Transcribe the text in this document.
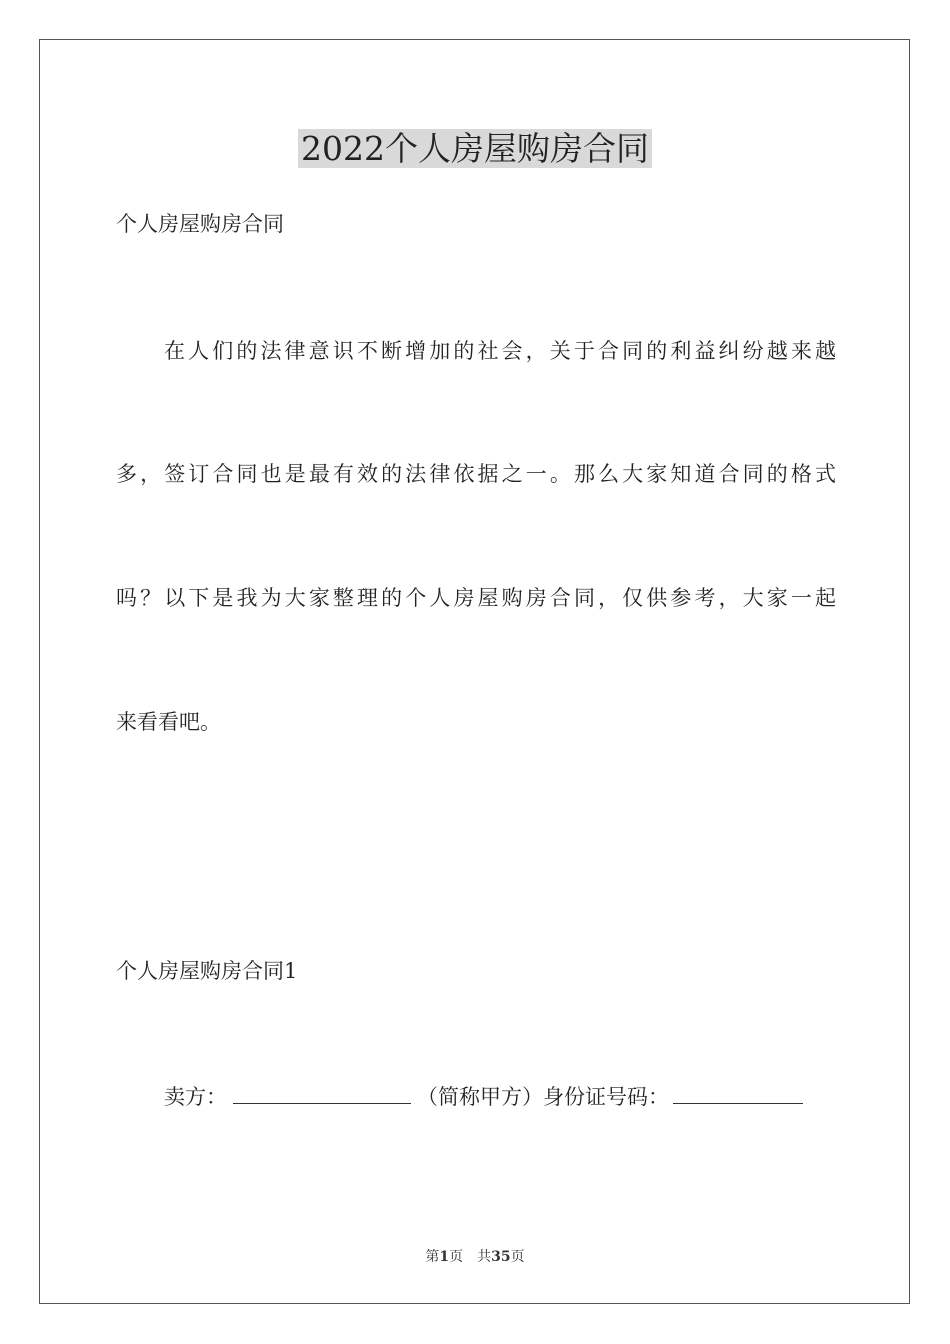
2022个人房屋购房合同

个人房屋购房合同

在人们的法律意识不断增加的社会，关于合同的利益纠纷越来越

多，签订合同也是最有效的法律依据之一。那么大家知道合同的格式

吗？以下是我为大家整理的个人房屋购房合同，仅供参考，大家一起

来看看吧。

个人房屋购房合同1

卖方：	（简称甲方）身份证号码：
第1页 共35页
